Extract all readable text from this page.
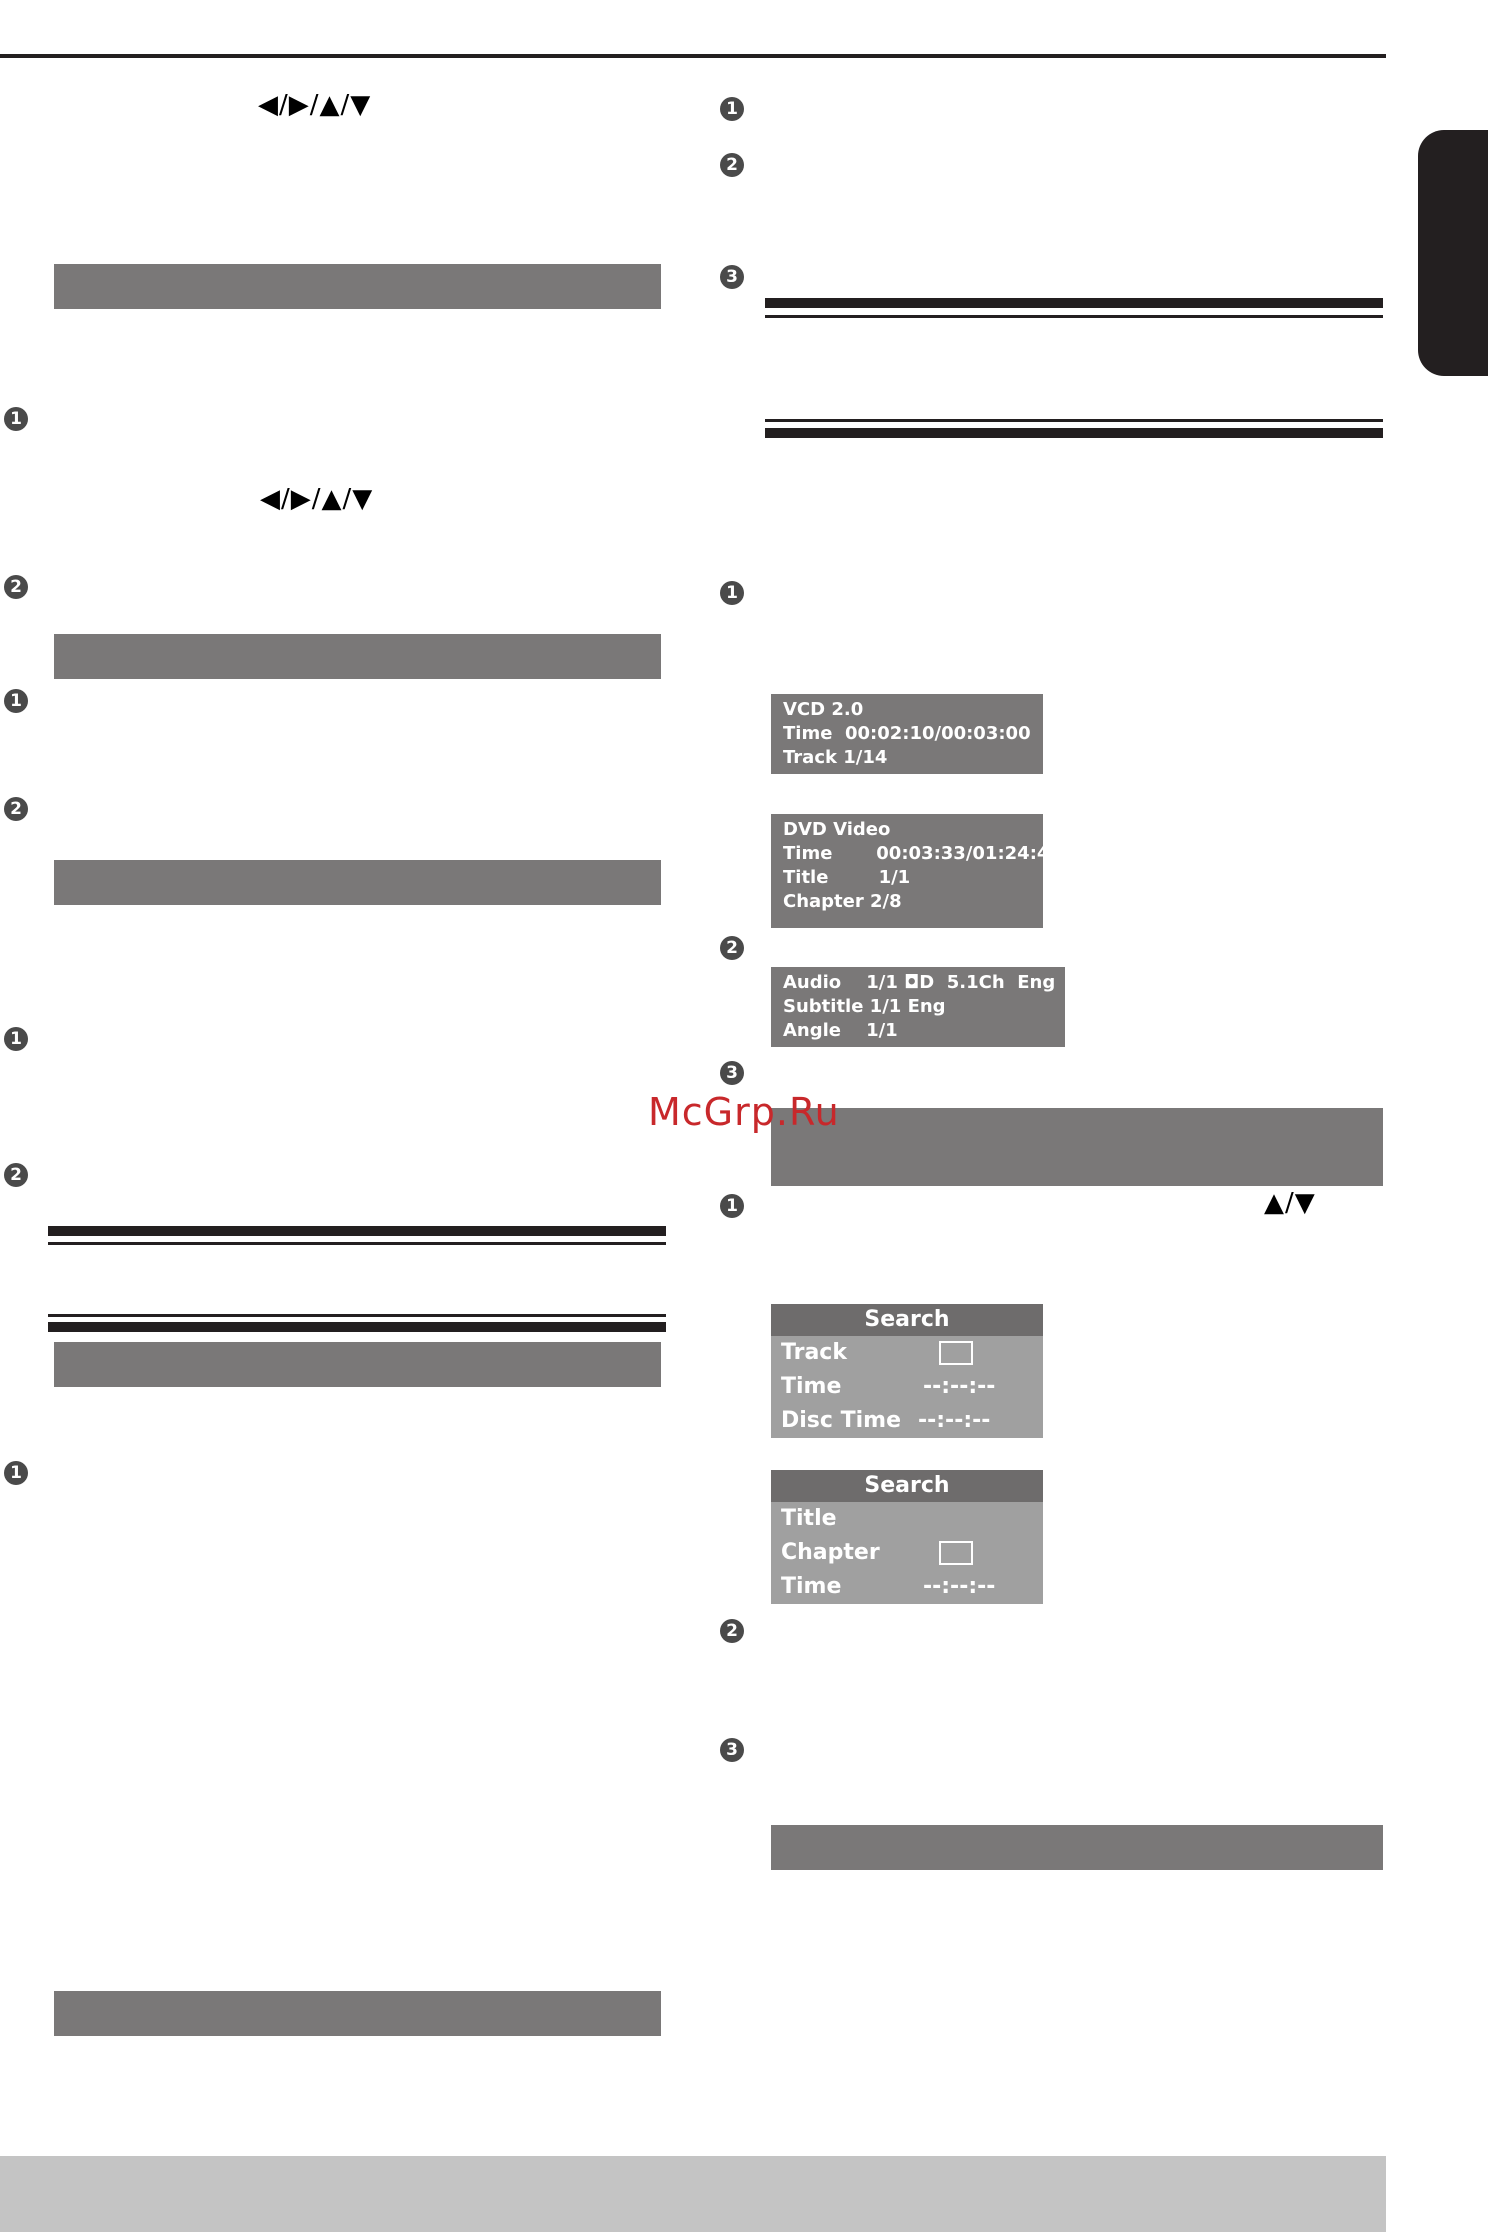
◀/▶/▲/▼
1
◀/▶/▲/▼
2
1
2
1
2
1
1
2
3
1
VCD 2.0
Time  00:02:10/00:03:00
Track 1/14
DVD Video
Time       00:03:33/01:24:46
Title        1/1
Chapter 2/8
2
Audio 1/1 ◘D 5.1Ch  Eng
Subtitle 1/1 Eng
Angle    1/1
3
McGrp.Ru
1	▲/▼
Search
Track
Time	--:--:--
Disc Time --:--:--
Search
Title
Chapter
Time	--:--:--
2
3
